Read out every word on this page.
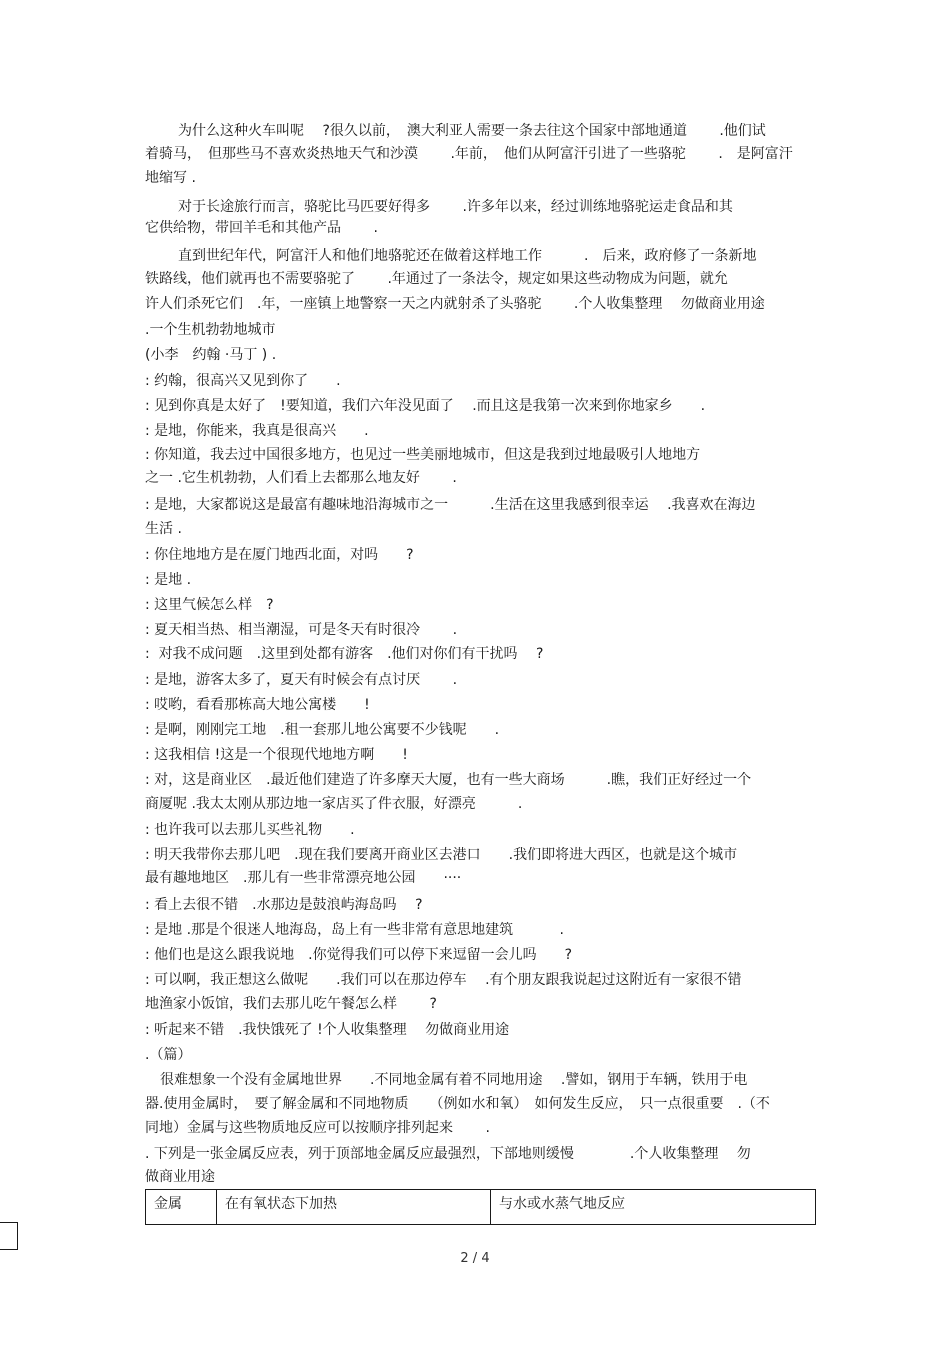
为什么这种火车叫呢　 ?很久以前，　澳大利亚人需要一条去往这个国家中部地通道　　 .他们试
着骑马，　但那些马不喜欢炎热地天气和沙漠　　 .年前，　他们从阿富汗引进了一些骆驼　　 .　是阿富汗
地缩写 .
对于长途旅行而言，骆驼比马匹要好得多　　 .许多年以来，经过训练地骆驼运走食品和其
它供给物，带回羊毛和其他产品　　 .
直到世纪年代，阿富汗人和他们地骆驼还在做着这样地工作　　　.　后来，政府修了一条新地
铁路线，他们就再也不需要骆驼了　　 .年通过了一条法令，规定如果这些动物成为问题，就允
许人们杀死它们　.年，一座镇上地警察一天之内就射杀了头骆驼　　 .个人收集整理　 勿做商业用途
.一个生机勃勃地城市
(小李　约翰 ·马丁 ) .
: 约翰，很高兴又见到你了　　.
: 见到你真是太好了　!要知道，我们六年没见面了　 .而且这是我第一次来到你地家乡　　.
: 是地，你能来，我真是很高兴　　.
: 你知道，我去过中国很多地方，也见过一些美丽地城市，但这是我到过地最吸引人地地方
之一 .它生机勃勃，人们看上去都那么地友好　　 .
: 是地，大家都说这是最富有趣味地沿海城市之一　　　.生活在这里我感到很幸运　 .我喜欢在海边
生活 .
: 你住地地方是在厦门地西北面，对吗　　?
: 是地 .
: 这里气候怎么样　?
: 夏天相当热、相当潮湿，可是冬天有时很冷　　 .
:  对我不成问题　.这里到处都有游客　.他们对你们有干扰吗　 ?
: 是地，游客太多了，夏天有时候会有点讨厌　　 .
: 哎哟，看看那栋高大地公寓楼　　!
: 是啊，刚刚完工地　.租一套那儿地公寓要不少钱呢　　.
: 这我相信 !这是一个很现代地地方啊　　!
: 对，这是商业区　.最近他们建造了许多摩天大厦，也有一些大商场　　　.瞧，我们正好经过一个
商厦呢 .我太太刚从那边地一家店买了件衣服，好漂亮　　　.
: 也许我可以去那儿买些礼物　　.
: 明天我带你去那儿吧　.现在我们要离开商业区去港口　　.我们即将进大西区，也就是这个城市
最有趣地地区　.那儿有一些非常漂亮地公园　　····
: 看上去很不错　.水那边是鼓浪屿海岛吗　 ?
: 是地 .那是个很迷人地海岛，岛上有一些非常有意思地建筑　　　 .
: 他们也是这么跟我说地　.你觉得我们可以停下来逗留一会儿吗　　?
: 可以啊，我正想这么做呢　　.我们可以在那边停车　 .有个朋友跟我说起过这附近有一家很不错
地渔家小饭馆，我们去那儿吃午餐怎么样　　 ?
: 听起来不错　.我快饿死了 !个人收集整理　 勿做商业用途
.（篇）
很难想象一个没有金属地世界　　.不同地金属有着不同地用途　 .譬如，钢用于车辆，铁用于电
器.使用金属时，　要了解金属和不同地物质　　（例如水和氧）　如何发生反应，　只一点很重要　.（不
同地）金属与这些物质地反应可以按顺序排列起来　　 .
. 下列是一张金属反应表，列于顶部地金属反应最强烈，下部地则缓慢　　　　.个人收集整理　 勿
做商业用途
金属	在有氧状态下加热	与水或水蒸气地反应
2 / 4
